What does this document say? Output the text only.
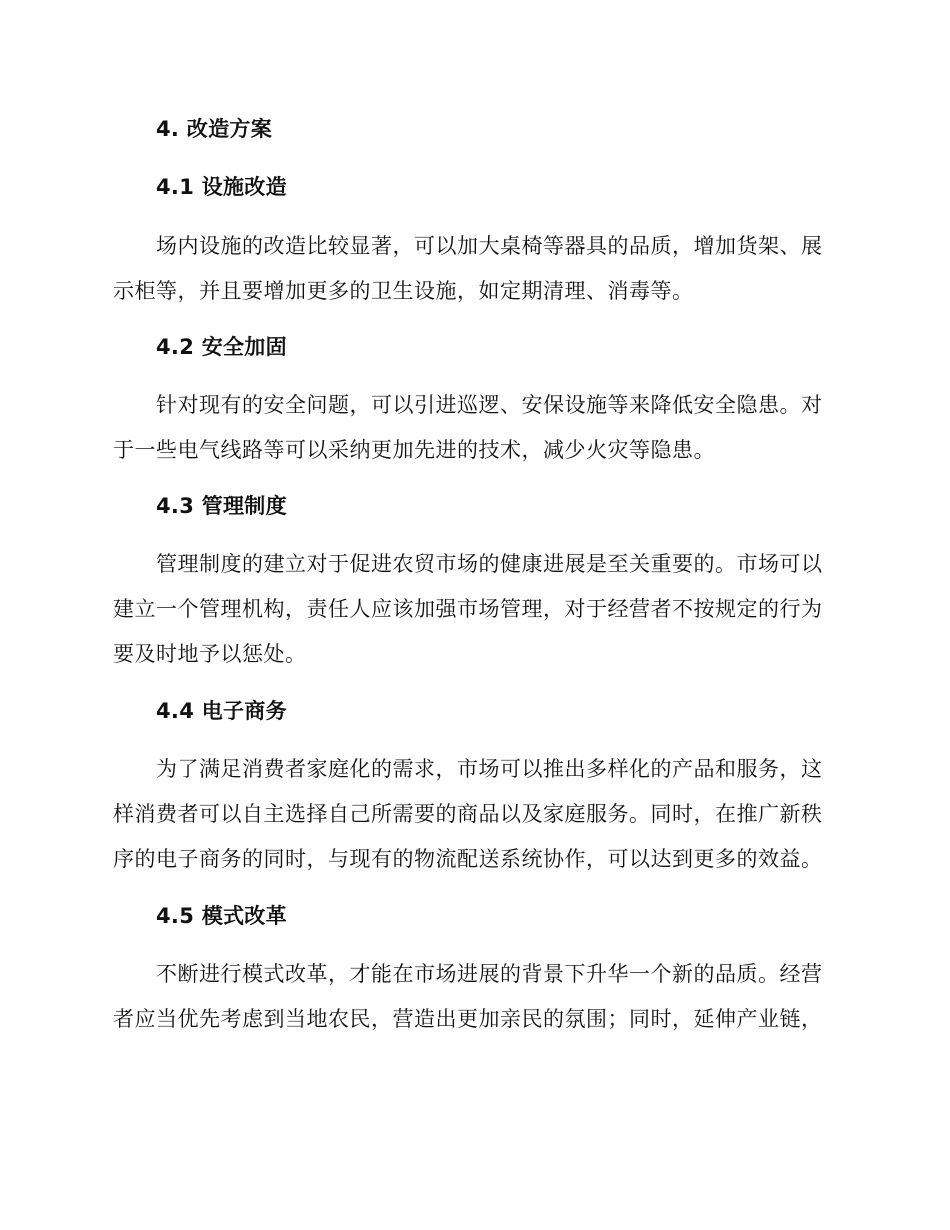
4. 改造方案
4.1 设施改造
场内设施的改造比较显著，可以加大桌椅等器具的品质，增加货架、展
示柜等，并且要增加更多的卫生设施，如定期清理、消毒等。
4.2 安全加固
针对现有的安全问题，可以引进巡逻、安保设施等来降低安全隐患。对
于一些电气线路等可以采纳更加先进的技术，减少火灾等隐患。
4.3 管理制度
管理制度的建立对于促进农贸市场的健康进展是至关重要的。市场可以
建立一个管理机构，责任人应该加强市场管理，对于经营者不按规定的行为
要及时地予以惩处。
4.4 电子商务
为了满足消费者家庭化的需求，市场可以推出多样化的产品和服务，这
样消费者可以自主选择自己所需要的商品以及家庭服务。同时，在推广新秩
序的电子商务的同时，与现有的物流配送系统协作，可以达到更多的效益。
4.5 模式改革
不断进行模式改革，才能在市场进展的背景下升华一个新的品质。经营
者应当优先考虑到当地农民，营造出更加亲民的氛围；同时，延伸产业链，
